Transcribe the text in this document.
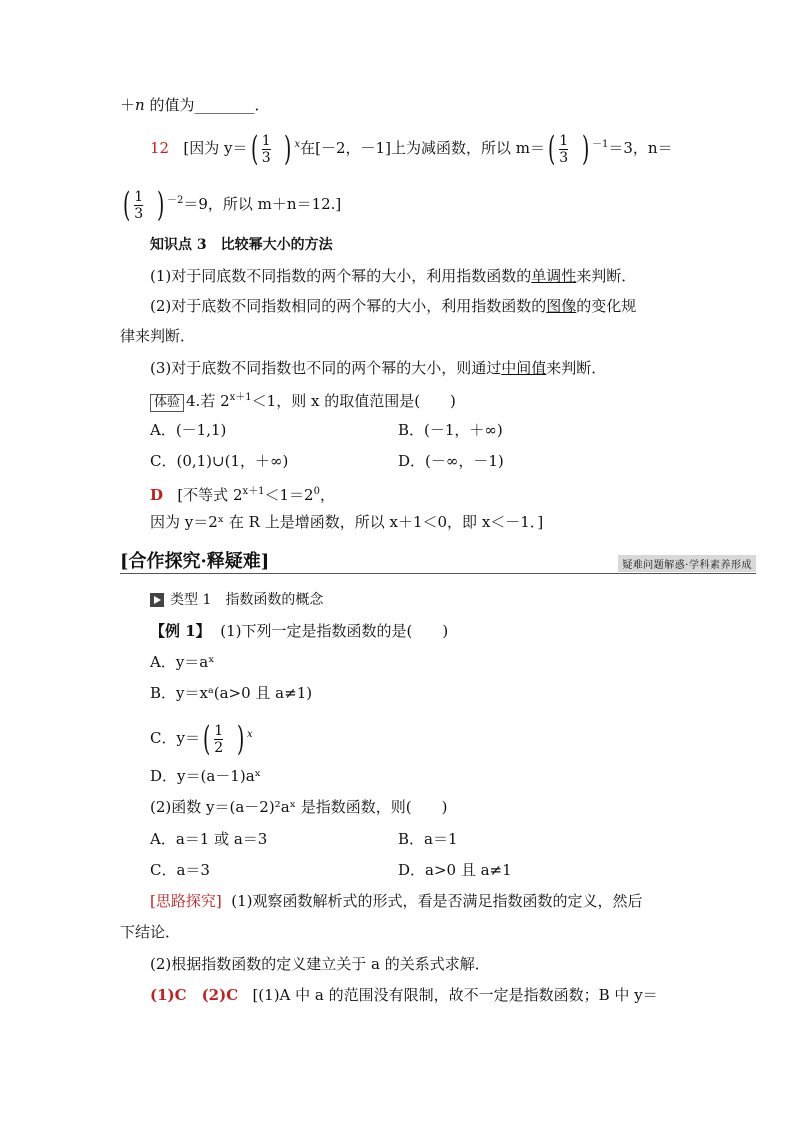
＋n 的值为________．
12 [因为 $y=( \frac{1}{3}$ ) $^x$在[－2，－1]上为减函数，所以 $m=( \frac{1}{3}$ ) $^{-1}$＝3，n＝
( $\frac{1}{3}$ ) $^{-2}$＝9，所以 m＋n＝12.]
知识点 3　比较幂大小的方法
(1)对于同底数不同指数的两个幂的大小，利用指数函数的单调性来判断．
(2)对于底数不同指数相同的两个幂的大小，利用指数函数的图像的变化规
律来判断．
(3)对于底数不同指数也不同的两个幂的大小，则通过中间值来判断．
体验 4.若 $2^{x+1}<1$，则 x 的取值范围是(　　)
A．(－1,1)	B．(－1，＋∞)
C．(0,1)∪(1，＋∞)	D．(－∞，－1)
D [不等式 $2^{x+1}<1=2^0$，
因为 y＝2ˣ 在 R 上是增函数，所以 x＋1＜0，即 x＜－1．]
[合作探究·释疑难]	疑难问题解惑·学科素养形成
类型 1　指数函数的概念
【例 1】 (1)下列一定是指数函数的是(　　)
A．y＝aˣ
B．y＝xᵃ(a>0 且 a≠1)
C．$y=( \frac{1}{2}$ ) $^x$
D．y＝(a－1)aˣ
(2)函数 y＝(a－2)²aˣ 是指数函数，则(　　)
A．a＝1 或 a＝3	B．a＝1
C．a＝3	D．a>0 且 a≠1
[思路探究] (1)观察函数解析式的形式，看是否满足指数函数的定义，然后
下结论．
(2)根据指数函数的定义建立关于 a 的关系式求解．
(1)C　(2)C [(1)A 中 a 的范围没有限制，故不一定是指数函数；B 中 y＝
